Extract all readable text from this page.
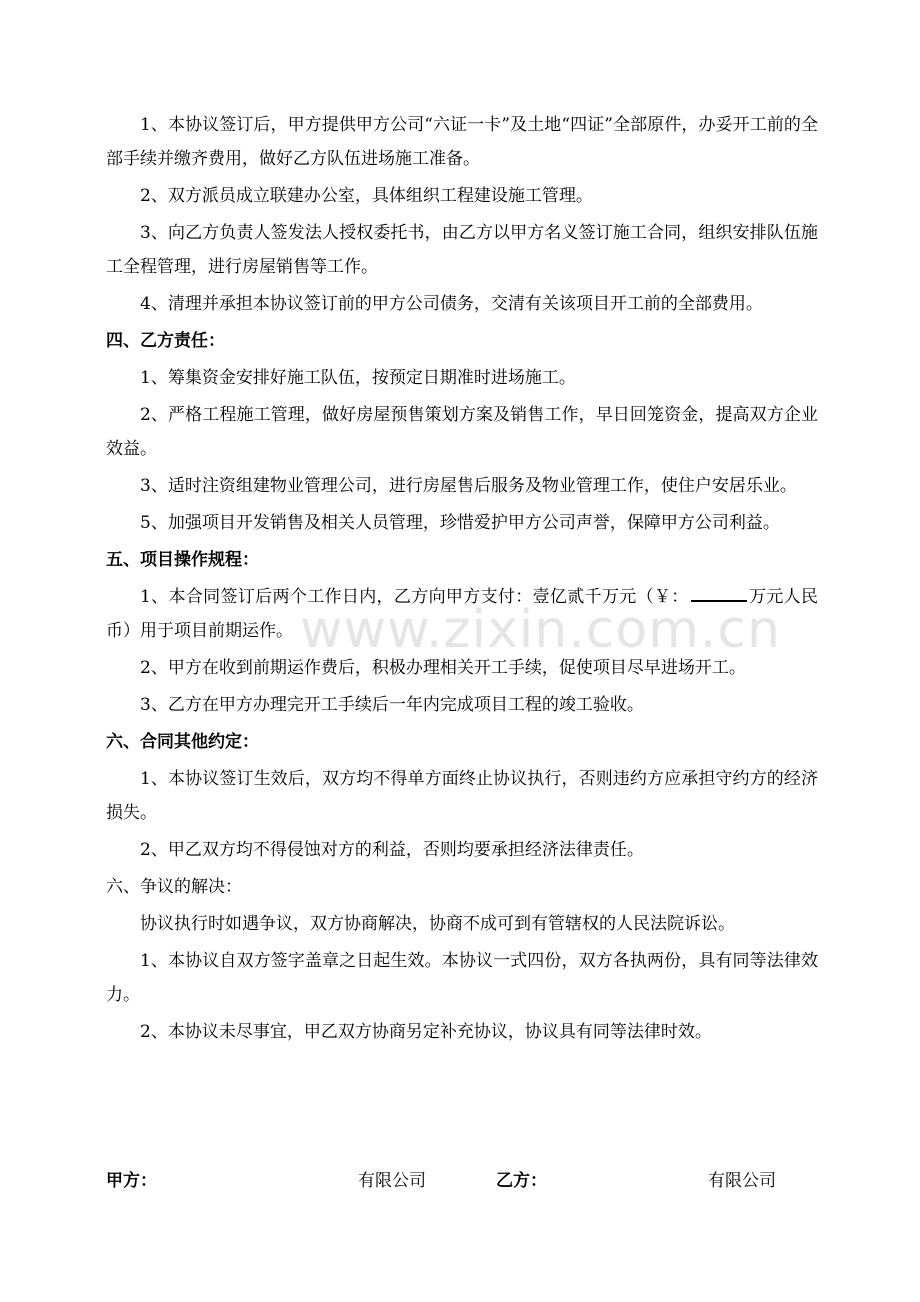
1、本协议签订后，甲方提供甲方公司“六证一卡”及土地“四证”全部原件，办妥开工前的全部手续并缴齐费用，做好乙方队伍进场施工准备。

2、双方派员成立联建办公室，具体组织工程建设施工管理。

3、向乙方负责人签发法人授权委托书，由乙方以甲方名义签订施工合同，组织安排队伍施工全程管理，进行房屋销售等工作。

4、清理并承担本协议签订前的甲方公司债务，交清有关该项目开工前的全部费用。

四、乙方责任：

1、筹集资金安排好施工队伍，按预定日期准时进场施工。

2、严格工程施工管理，做好房屋预售策划方案及销售工作，早日回笼资金，提高双方企业效益。

3、适时注资组建物业管理公司，进行房屋售后服务及物业管理工作，使住户安居乐业。

5、加强项目开发销售及相关人员管理，珍惜爱护甲方公司声誉，保障甲方公司利益。

五、项目操作规程：

1、本合同签订后两个工作日内，乙方向甲方支付：壹亿贰千万元（￥：	万元人民币）用于项目前期运作。

2、甲方在收到前期运作费后，积极办理相关开工手续，促使项目尽早进场开工。

3、乙方在甲方办理完开工手续后一年内完成项目工程的竣工验收。

六、合同其他约定：

1、本协议签订生效后，双方均不得单方面终止协议执行，否则违约方应承担守约方的经济损失。

2、甲乙双方均不得侵蚀对方的利益，否则均要承担经济法律责任。

六、争议的解决：

协议执行时如遇争议，双方协商解决，协商不成可到有管辖权的人民法院诉讼。

1、本协议自双方签字盖章之日起生效。本协议一式四份，双方各执两份，具有同等法律效力。

2、本协议未尽事宜，甲乙双方协商另定补充协议，协议具有同等法律时效。

www.zixin.com.cn
甲方：	有限公司	乙方：	有限公司
